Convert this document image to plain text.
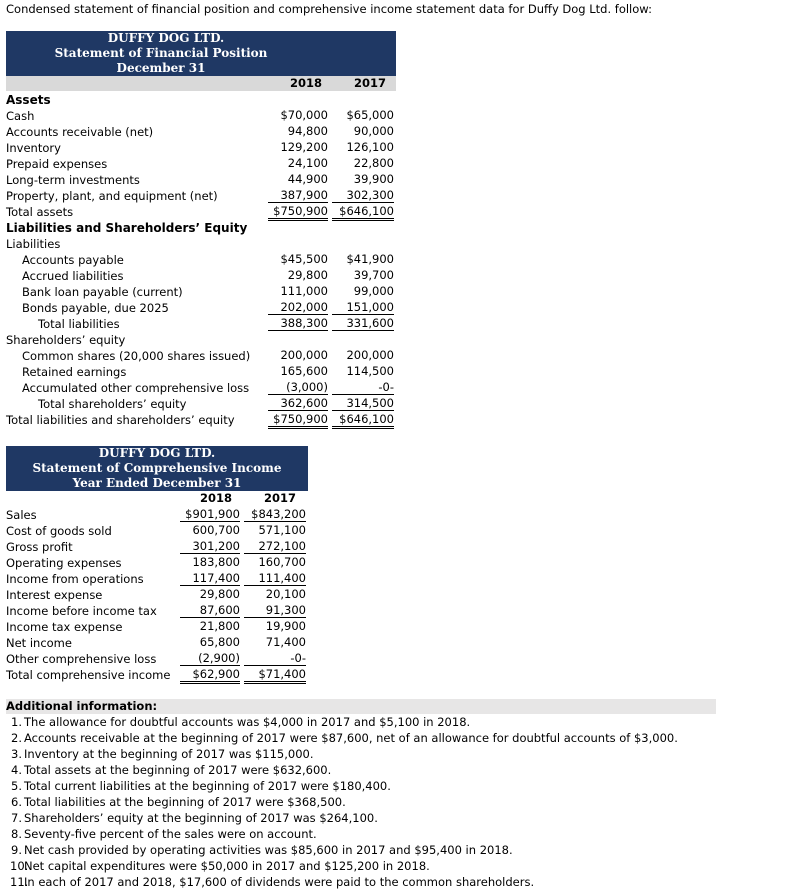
Condensed statement of financial position and comprehensive income statement data for Duffy Dog Ltd. follow:
DUFFY DOG LTD.
Statement of Financial Position
December 31
2018	2017
Assets
Cash	$70,000	$65,000
Accounts receivable (net)	94,800	90,000
Inventory	129,200	126,100
Prepaid expenses	24,100	22,800
Long-term investments	44,900	39,900
Property, plant, and equipment (net)	387,900	302,300
Total assets	$750,900 $646,100
Liabilities and Shareholders’ Equity
Liabilities
Accounts payable	$45,500	$41,900
Accrued liabilities	29,800	39,700
Bank loan payable (current)	111,000	99,000
Bonds payable, due 2025	202,000	151,000
Total liabilities	388,300	331,600
Shareholders’ equity
Common shares (20,000 shares issued)	200,000	200,000
Retained earnings	165,600	114,500
Accumulated other comprehensive loss	(3,000)	-0-
Total shareholders’ equity	362,600	314,500
Total liabilities and shareholders’ equity	$750,900 $646,100
DUFFY DOG LTD.
Statement of Comprehensive Income
Year Ended December 31
2018	2017
Sales	$901,900 $843,200
Cost of goods sold	600,700	571,100
Gross profit	301,200	272,100
Operating expenses	183,800	160,700
Income from operations	117,400	111,400
Interest expense	29,800	20,100
Income before income tax	87,600	91,300
Income tax expense	21,800	19,900
Net income	65,800	71,400
Other comprehensive loss	(2,900)	-0-
Total comprehensive income	$62,900	$71,400
Additional information:
1. The allowance for doubtful accounts was $4,000 in 2017 and $5,100 in 2018.
2. Accounts receivable at the beginning of 2017 were $87,600, net of an allowance for doubtful accounts of $3,000.
3. Inventory at the beginning of 2017 was $115,000.
4. Total assets at the beginning of 2017 were $632,600.
5. Total current liabilities at the beginning of 2017 were $180,400.
6. Total liabilities at the beginning of 2017 were $368,500.
7. Shareholders’ equity at the beginning of 2017 was $264,100.
8. Seventy-five percent of the sales were on account.
9. Net cash provided by operating activities was $85,600 in 2017 and $95,400 in 2018.
10.Net capital expenditures were $50,000 in 2017 and $125,200 in 2018.
11.In each of 2017 and 2018, $17,600 of dividends were paid to the common shareholders.
